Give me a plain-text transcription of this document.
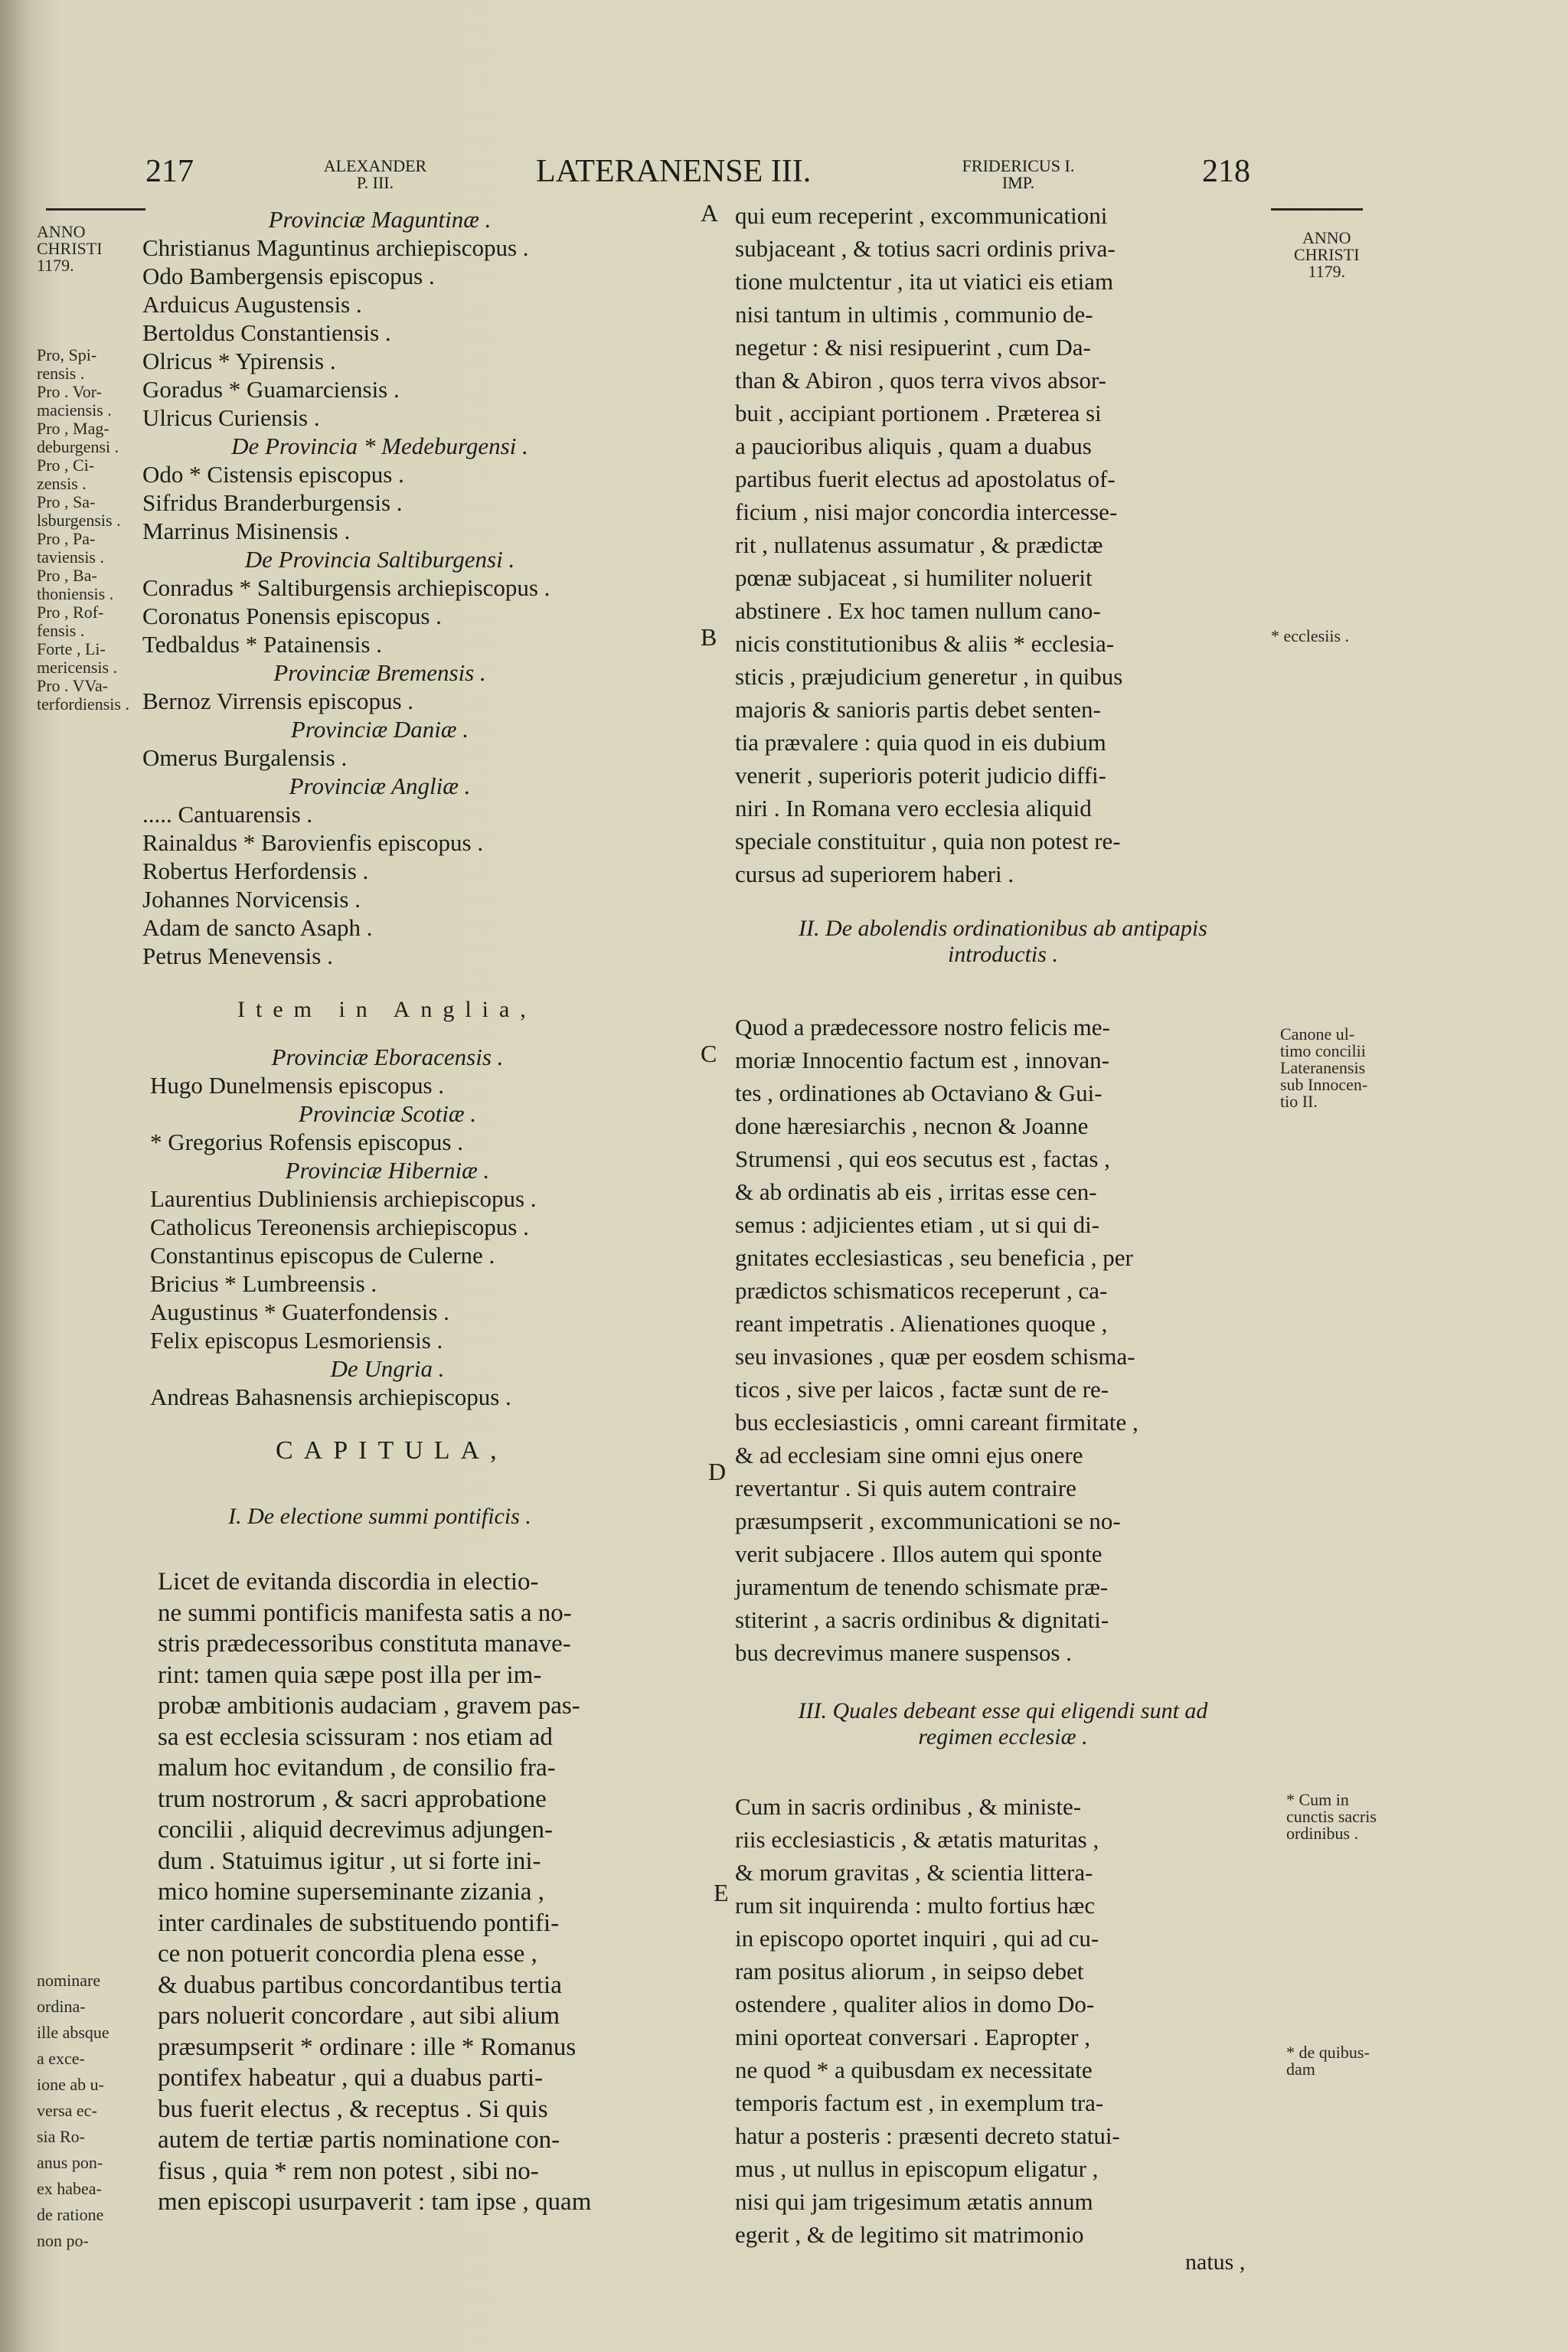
217	ALEXANDER
P. III.	LATERANENSE III.	FRIDERICUS I.
IMP.	218
ANNO
CHRISTI
1179.
Pro, Spi-
rensis .
Pro . Vor-
maciensis .
Pro , Mag-
deburgensi .
Pro , Ci-
zensis .
Pro , Sa-
lsburgensis .
Pro , Pa-
taviensis .
Pro , Ba-
thoniensis .
Pro , Rof-
fensis .
Forte , Li-
mericensis .
Pro . VVa-
terfordiensis .
nominare
ordina-
ille absque
a exce-
ione ab u-
versa ec-
sia Ro-
anus pon-
ex habea-
de ratione
non po-
ANNO
CHRISTI
1179.
* ecclesiis .
Canone ul-
timo concilii
Lateranensis
sub Innocen-
tio II.
* Cum in
cunctis sacris
ordinibus .
* de quibus-
dam
Provinciæ Maguntinæ .
Christianus Maguntinus archiepiscopus .
Odo Bambergensis episcopus .
Arduicus Augustensis .
Bertoldus Constantiensis .
Olricus * Ypirensis .
Goradus * Guamarciensis .
Ulricus Curiensis .
De Provincia * Medeburgensi .
Odo * Cistensis episcopus .
Sifridus Branderburgensis .
Marrinus Misinensis .
De Provincia Saltiburgensi .
Conradus * Saltiburgensis archiepiscopus .
Coronatus Ponensis episcopus .
Tedbaldus * Patainensis .
Provinciæ Bremensis .
Bernoz Virrensis episcopus .
Provinciæ Daniæ .
Omerus Burgalensis .
Provinciæ Angliæ .
..... Cantuarensis .
Rainaldus * Barovienfis episcopus .
Robertus Herfordensis .
Johannes Norvicensis .
Adam de sancto Asaph .
Petrus Menevensis .
Item in Anglia,
Provinciæ Eboracensis .
Hugo Dunelmensis episcopus .
Provinciæ Scotiæ .
* Gregorius Rofensis episcopus .
Provinciæ Hiberniæ .
Laurentius Dubliniensis archiepiscopus .
Catholicus Tereonensis archiepiscopus .
Constantinus episcopus de Culerne .
Bricius * Lumbreensis .
Augustinus * Guaterfondensis .
Felix episcopus Lesmoriensis .
De Ungria .
Andreas Bahasnensis archiepiscopus .
CAPITULA,
I. De electione summi pontificis .
Licet de evitanda discordia in electio-
ne summi pontificis manifesta satis a no-
stris prædecessoribus constituta manave-
rint: tamen quia sæpe post illa per im-
probæ ambitionis audaciam , gravem pas-
sa est ecclesia scissuram : nos etiam ad
malum hoc evitandum , de consilio fra-
trum nostrorum , & sacri approbatione
concilii , aliquid decrevimus adjungen-
dum . Statuimus igitur , ut si forte ini-
mico homine superseminante zizania ,
inter cardinales de substituendo pontifi-
ce non potuerit concordia plena esse ,
& duabus partibus concordantibus tertia
pars noluerit concordare , aut sibi alium
præsumpserit * ordinare : ille * Romanus
pontifex habeatur , qui a duabus parti-
bus fuerit electus , & receptus . Si quis
autem de tertiæ partis nominatione con-
fisus , quia * rem non potest , sibi no-
men episcopi usurpaverit : tam ipse , quam
A qui eum receperint , excommunicationi
subjaceant , & totius sacri ordinis priva-
tione mulctentur , ita ut viatici eis etiam
nisi tantum in ultimis , communio de-
negetur : & nisi resipuerint , cum Da-
than & Abiron , quos terra vivos absor-
buit , accipiant portionem . Præterea si
a paucioribus aliquis , quam a duabus
partibus fuerit electus ad apostolatus of-
ficium , nisi major concordia intercesse-
rit , nullatenus assumatur , & prædictæ
pœnæ subjaceat , si humiliter noluerit
abstinere . Ex hoc tamen nullum cano-
nicis constitutionibus & aliis * ecclesia-
sticis , præjudicium generetur , in quibus
majoris & sanioris partis debet senten-
tia prævalere : quia quod in eis dubium
venerit , superioris poterit judicio diffi-
niri . In Romana vero ecclesia aliquid
speciale constituitur , quia non potest re-
cursus ad superiorem haberi .
B
II. De abolendis ordinationibus ab antipapis
introductis .
C
Quod a prædecessore nostro felicis me-
moriæ Innocentio factum est , innovan-
tes , ordinationes ab Octaviano & Gui-
done hæresiarchis , necnon & Joanne
Strumensi , qui eos secutus est , factas ,
& ab ordinatis ab eis , irritas esse cen-
semus : adjicientes etiam , ut si qui di-
gnitates ecclesiasticas , seu beneficia , per
prædictos schismaticos receperunt , ca-
reant impetratis . Alienationes quoque ,
seu invasiones , quæ per eosdem schisma-
ticos , sive per laicos , factæ sunt de re-
bus ecclesiasticis , omni careant firmitate ,
& ad ecclesiam sine omni ejus onere
revertantur . Si quis autem contraire
præsumpserit , excommunicationi se no-
verit subjacere . Illos autem qui sponte
juramentum de tenendo schismate præ-
stiterint , a sacris ordinibus & dignitati-
bus decrevimus manere suspensos .
D
III. Quales debeant esse qui eligendi sunt ad
regimen ecclesiæ .
E
Cum in sacris ordinibus , & ministe-
riis ecclesiasticis , & ætatis maturitas ,
& morum gravitas , & scientia littera-
rum sit inquirenda : multo fortius hæc
in episcopo oportet inquiri , qui ad cu-
ram positus aliorum , in seipso debet
ostendere , qualiter alios in domo Do-
mini oporteat conversari . Eapropter ,
ne quod * a quibusdam ex necessitate
temporis factum est , in exemplum tra-
hatur a posteris : præsenti decreto statui-
mus , ut nullus in episcopum eligatur ,
nisi qui jam trigesimum ætatis annum
egerit , & de legitimo sit matrimonio
natus ,
